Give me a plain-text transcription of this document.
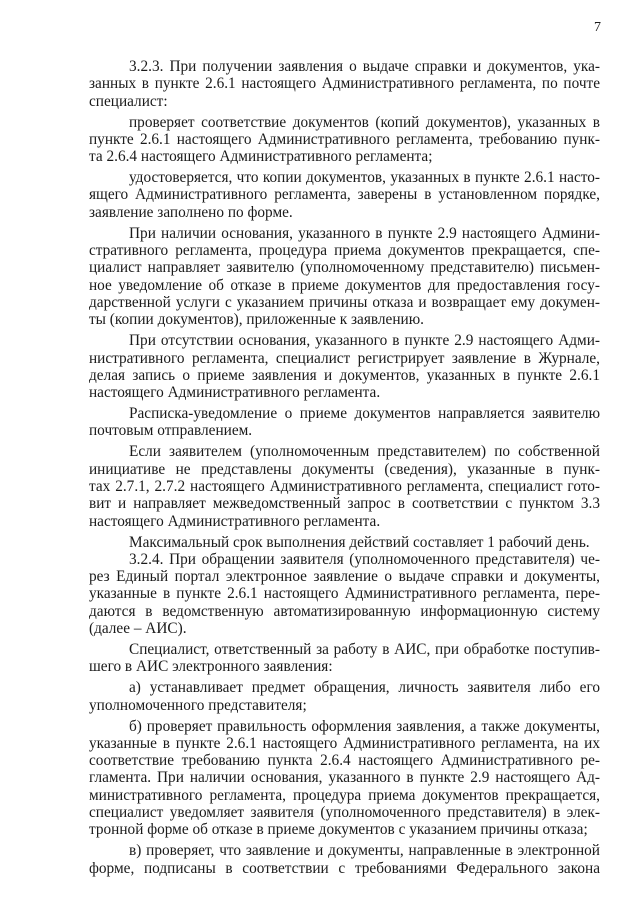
7
3.2.3. При получении заявления о выдаче справки и документов, ука-
занных в пункте 2.6.1 настоящего Административного регламента, по почте
специалист:
проверяет соответствие документов (копий документов), указанных в
пункте 2.6.1 настоящего Административного регламента, требованию пунк-
та 2.6.4 настоящего Административного регламента;
удостоверяется, что копии документов, указанных в пункте 2.6.1 насто-
ящего Административного регламента, заверены в установленном порядке,
заявление заполнено по форме.
При наличии основания, указанного в пункте 2.9 настоящего Админи-
стративного регламента, процедура приема документов прекращается, спе-
циалист направляет заявителю (уполномоченному представителю) письмен-
ное уведомление об отказе в приеме документов для предоставления госу-
дарственной услуги с указанием причины отказа и возвращает ему докумен-
ты (копии документов), приложенные к заявлению.
При отсутствии основания, указанного в пункте 2.9 настоящего Адми-
нистративного регламента, специалист регистрирует заявление в Журнале,
делая запись о приеме заявления и документов, указанных в пункте 2.6.1
настоящего Административного регламента.
Расписка-уведомление о приеме документов направляется заявителю
почтовым отправлением.
Если заявителем (уполномоченным представителем) по собственной
инициативе не представлены документы (сведения), указанные в пунк-
тах 2.7.1, 2.7.2 настоящего Административного регламента, специалист гото-
вит и направляет межведомственный запрос в соответствии с пунктом 3.3
настоящего Административного регламента.
Максимальный срок выполнения действий составляет 1 рабочий день.
3.2.4. При обращении заявителя (уполномоченного представителя) че-
рез Единый портал электронное заявление о выдаче справки и документы,
указанные в пункте 2.6.1 настоящего Административного регламента, пере-
даются в ведомственную автоматизированную информационную систему
(далее – АИС).
Специалист, ответственный за работу в АИС, при обработке поступив-
шего в АИС электронного заявления:
а) устанавливает предмет обращения, личность заявителя либо его
уполномоченного представителя;
б) проверяет правильность оформления заявления, а также документы,
указанные в пункте 2.6.1 настоящего Административного регламента, на их
соответствие требованию пункта 2.6.4 настоящего Административного ре-
гламента. При наличии основания, указанного в пункте 2.9 настоящего Ад-
министративного регламента, процедура приема документов прекращается,
специалист уведомляет заявителя (уполномоченного представителя) в элек-
тронной форме об отказе в приеме документов с указанием причины отказа;
в) проверяет, что заявление и документы, направленные в электронной
форме, подписаны в соответствии с требованиями Федерального закона
